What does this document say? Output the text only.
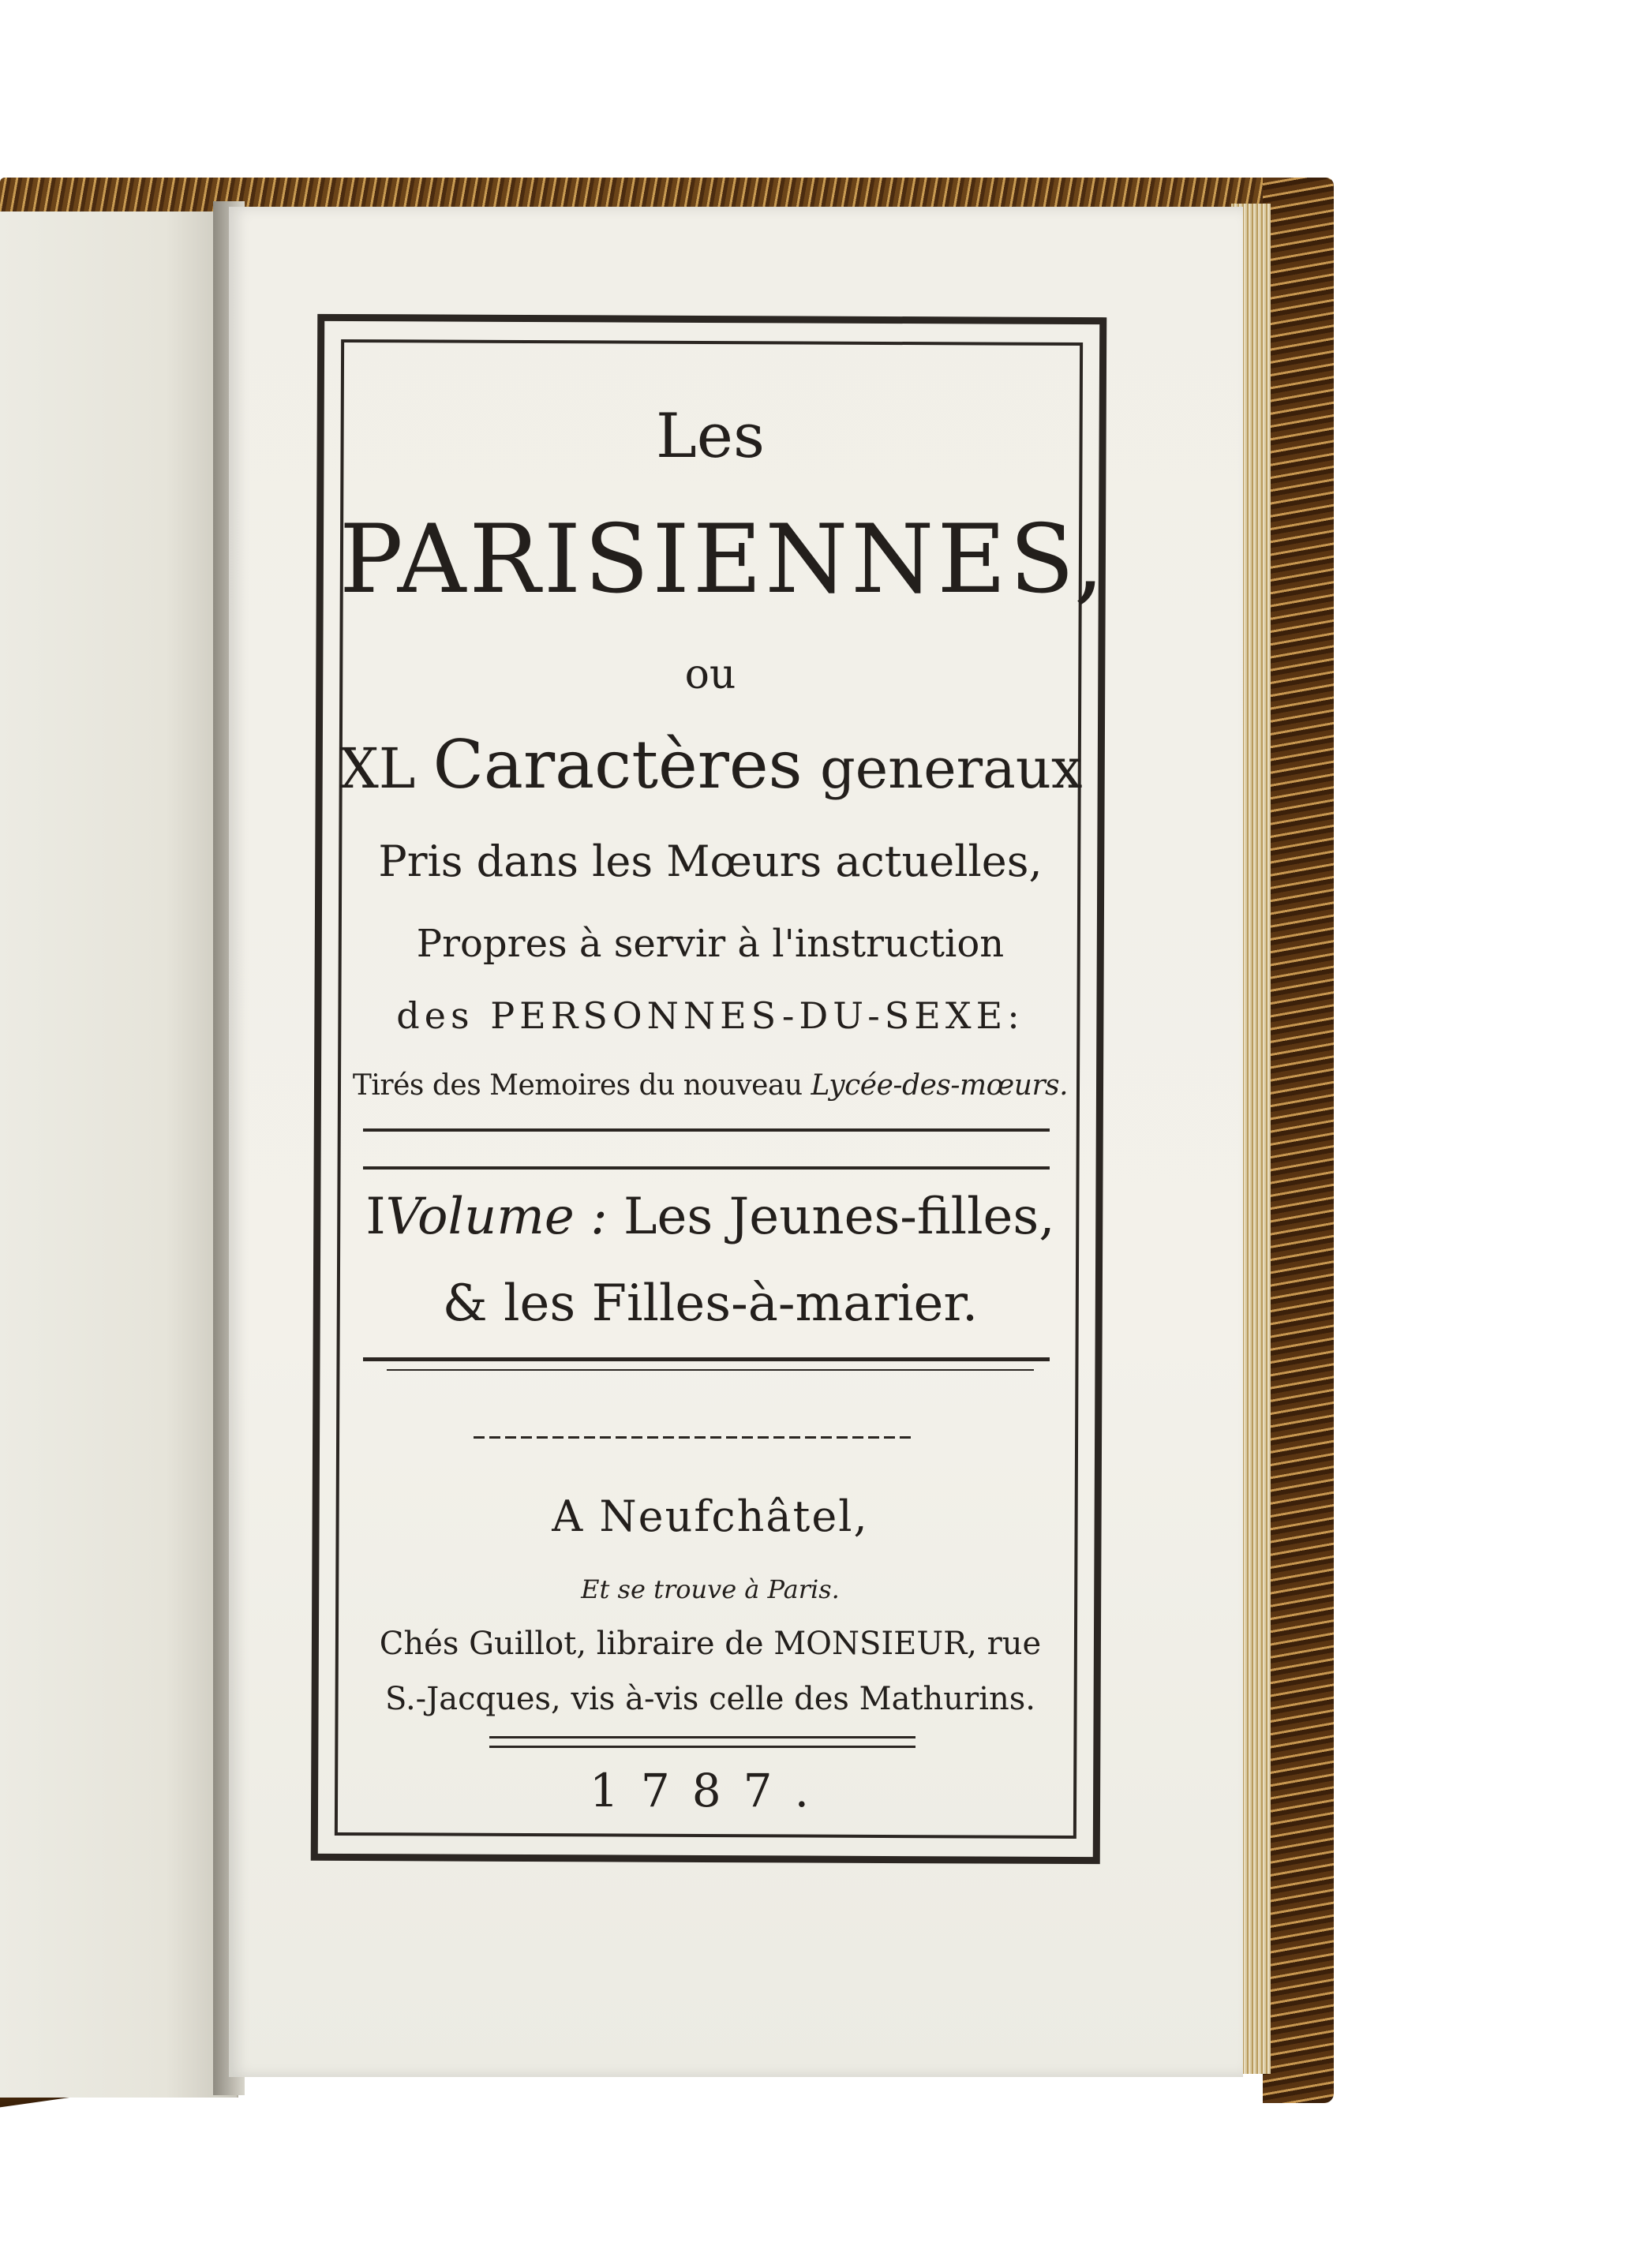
Les
PARISIENNES,
ou
XL Caractères generaux
Pris dans les Mœurs actuelles,
Propres à servir à l'instruction
des PERSONNES-DU-SEXE:
Tirés des Memoires du nouveau Lycée-des-mœurs.
IVolume : Les Jeunes-filles,
& les Filles-à-marier.
A Neufchâtel,
Et se trouve à Paris.
Chés Guillot, libraire de MONSIEUR, rue
S.-Jacques, vis à-vis celle des Mathurins.
1787.
